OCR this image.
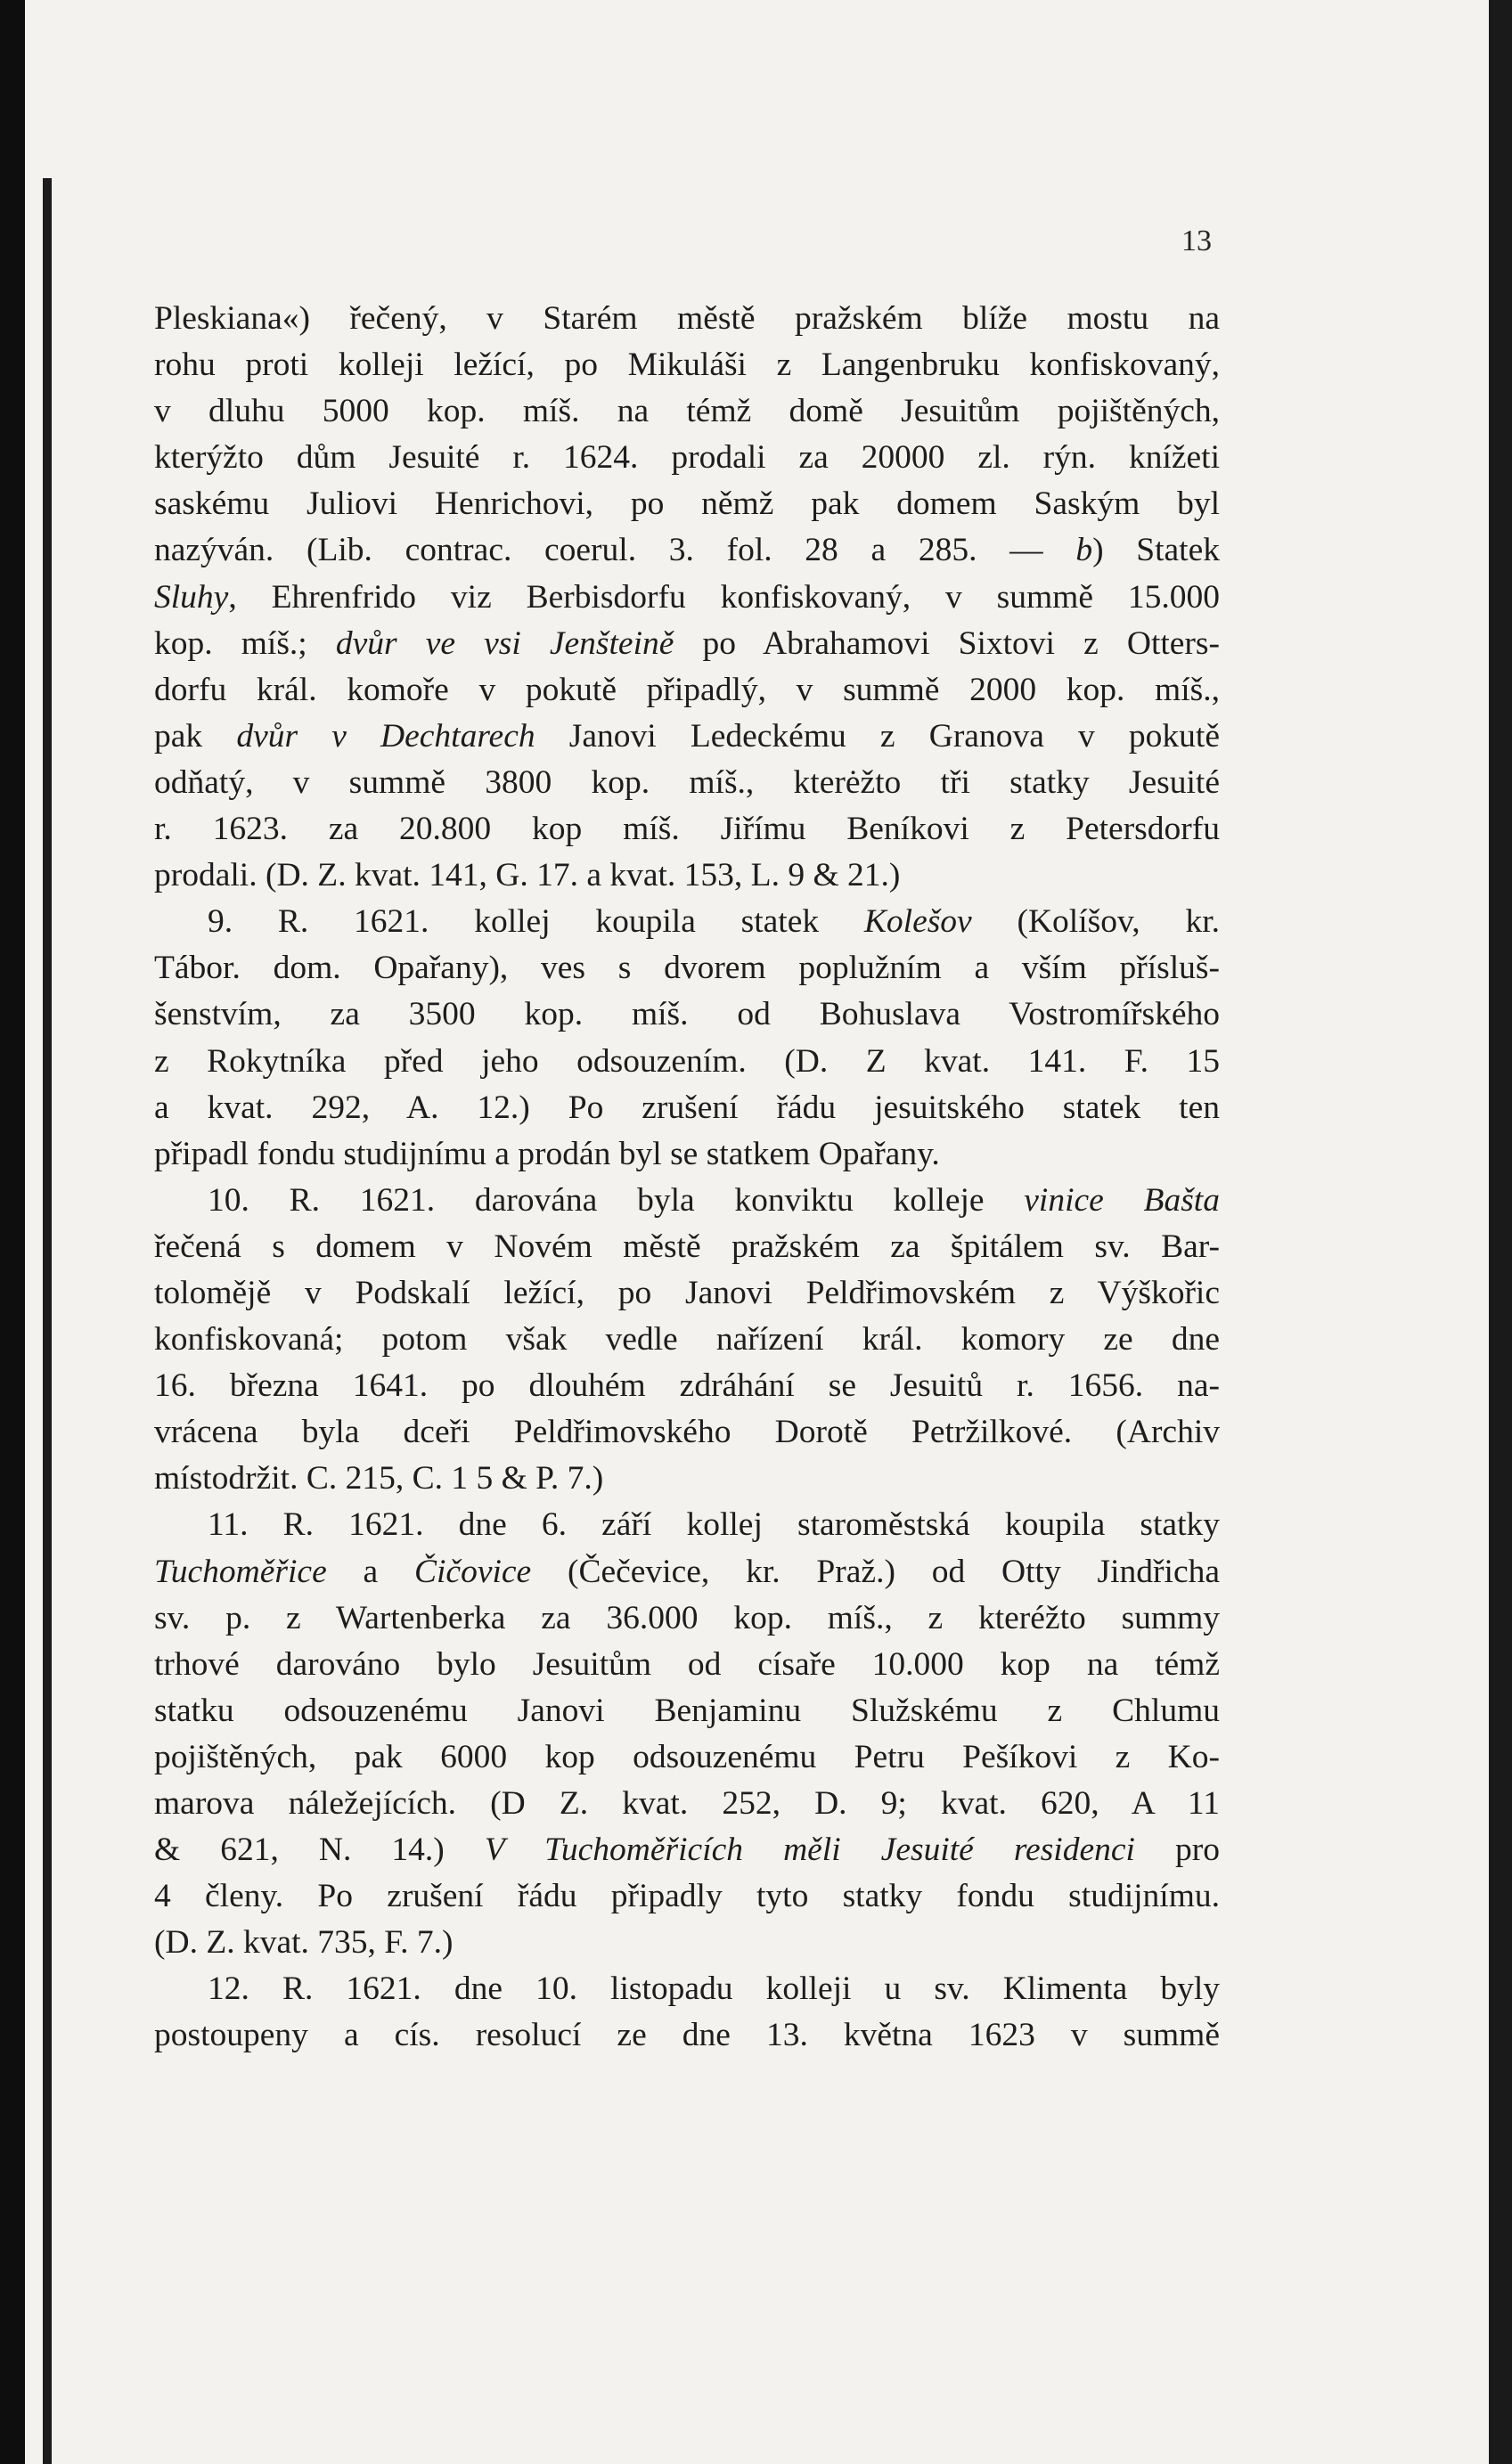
13

Pleskiana«) řečený, v Starém městě pražském blíže mostu na
rohu proti kolleji ležící, po Mikuláši z Langenbruku konfiskovaný,
v dluhu 5000 kop. míš. na témž domě Jesuitům pojištěných,
kterýžto dům Jesuité r. 1624. prodali za 20000 zl. rýn. knížeti
saskému Juliovi Henrichovi, po němž pak domem Saským byl
nazýván. (Lib. contrac. coerul. 3. fol. 28 a 285. — b) Statek
Sluhy, Ehrenfrido viz Berbisdorfu konfiskovaný, v summě 15.000
kop. míš.; dvůr ve vsi Jenšteině po Abrahamovi Sixtovi z Otters-
dorfu král. komoře v pokutě připadlý, v summě 2000 kop. míš.,
pak dvůr v Dechtarech Janovi Ledeckému z Granova v pokutě
odňatý, v summě 3800 kop. míš., kterėžto tři statky Jesuité
r. 1623. za 20.800 kop míš. Jiřímu Beníkovi z Petersdorfu
prodali. (D. Z. kvat. 141, G. 17. a kvat. 153, L. 9 & 21.)
9. R. 1621. kollej koupila statek Kolešov (Kolíšov, kr.
Tábor. dom. Opařany), ves s dvorem poplužním a vším přísluš-
šenstvím, za 3500 kop. míš. od Bohuslava Vostromířského
z Rokytníka před jeho odsouzením. (D. Z kvat. 141. F. 15
a kvat. 292, A. 12.) Po zrušení řádu jesuitského statek ten
připadl fondu studijnímu a prodán byl se statkem Opařany.
10. R. 1621. darována byla konviktu kolleje vinice Bašta
řečená s domem v Novém městě pražském za špitálem sv. Bar-
tolomějě v Podskalí ležící, po Janovi Peldřimovském z Výškořic
konfiskovaná; potom však vedle nařízení král. komory ze dne
16. března 1641. po dlouhém zdráhání se Jesuitů r. 1656. na-
vrácena byla dceři Peldřimovského Dorotě Petržilkové. (Archiv
místodržit. C. 215, C. 1 5 & P. 7.)
11. R. 1621. dne 6. září kollej staroměstská koupila statky
Tuchoměřice a Čičovice (Čečevice, kr. Praž.) od Otty Jindřicha
sv. p. z Wartenberka za 36.000 kop. míš., z kteréžto summy
trhové darováno bylo Jesuitům od císaře 10.000 kop na témž
statku odsouzenému Janovi Benjaminu Služskému z Chlumu
pojištěných, pak 6000 kop odsouzenému Petru Pešíkovi z Ko-
marova náležejících. (D Z. kvat. 252, D. 9; kvat. 620, A 11
& 621, N. 14.) V Tuchoměřicích měli Jesuité residenci pro
4 členy. Po zrušení řádu připadly tyto statky fondu studijnímu.
(D. Z. kvat. 735, F. 7.)
12. R. 1621. dne 10. listopadu kolleji u sv. Klimenta byly
postoupeny a cís. resolucí ze dne 13. května 1623 v summě
